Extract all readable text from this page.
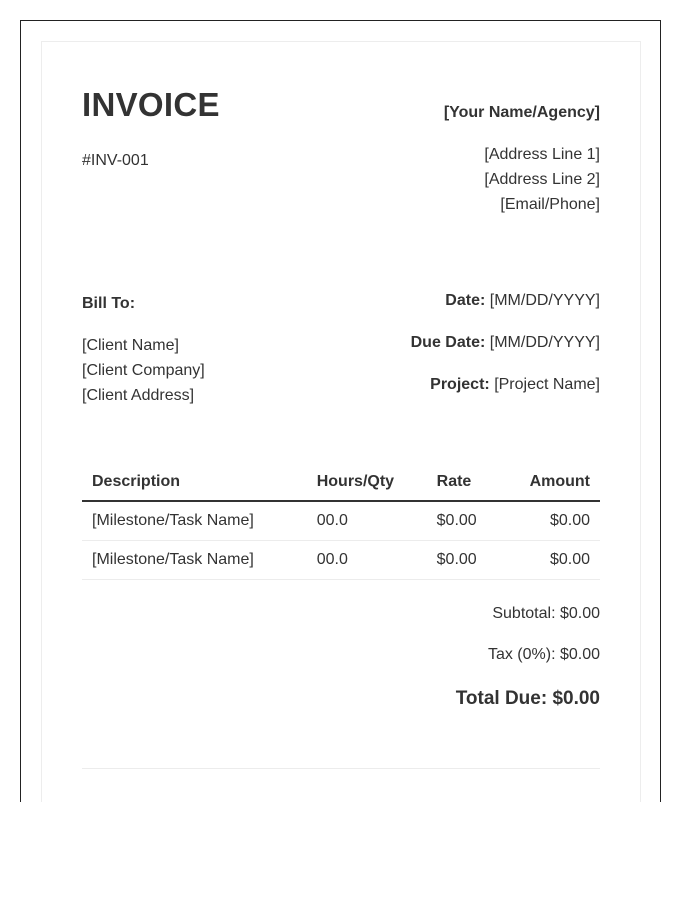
INVOICE
#INV-001
[Your Name/Agency]
[Address Line 1]
[Address Line 2]
[Email/Phone]
Bill To:
[Client Name]
[Client Company]
[Client Address]
Date: [MM/DD/YYYY]
Due Date: [MM/DD/YYYY]
Project: [Project Name]
Description	Hours/Qty	Rate	Amount
[Milestone/Task Name]	00.0	$0.00	$0.00
[Milestone/Task Name]	00.0	$0.00	$0.00
Subtotal: $0.00
Tax (0%): $0.00
Total Due: $0.00
